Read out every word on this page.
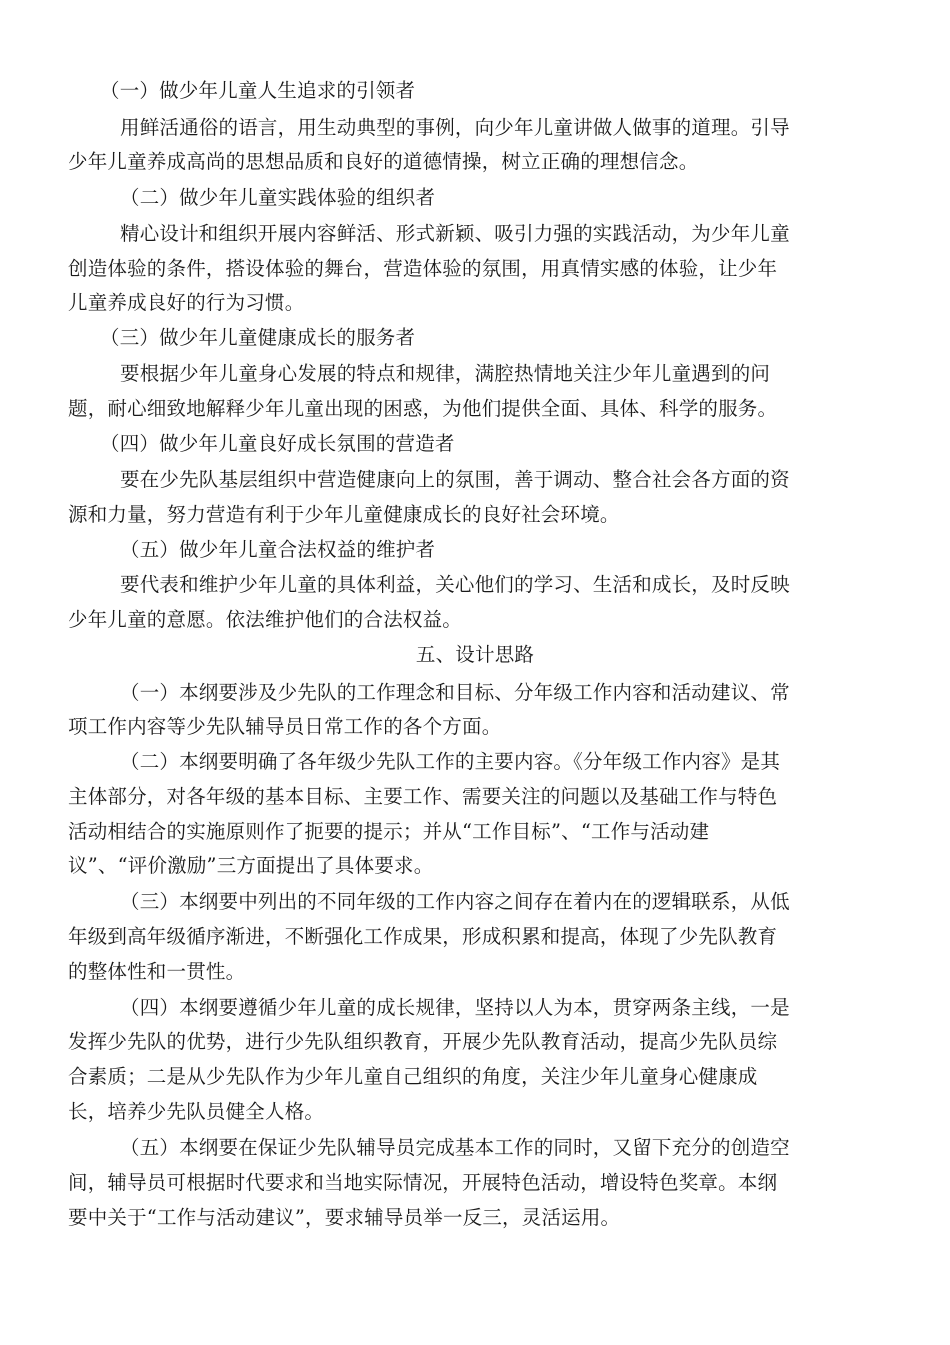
（一）做少年儿童人生追求的引领者
用鲜活通俗的语言，用生动典型的事例，向少年儿童讲做人做事的道理。引导
少年儿童养成高尚的思想品质和良好的道德情操，树立正确的理想信念。
（二）做少年儿童实践体验的组织者
精心设计和组织开展内容鲜活、形式新颖、吸引力强的实践活动，为少年儿童
创造体验的条件，搭设体验的舞台，营造体验的氛围，用真情实感的体验，让少年
儿童养成良好的行为习惯。
（三）做少年儿童健康成长的服务者
要根据少年儿童身心发展的特点和规律，满腔热情地关注少年儿童遇到的问
题，耐心细致地解释少年儿童出现的困惑，为他们提供全面、具体、科学的服务。
（四）做少年儿童良好成长氛围的营造者
要在少先队基层组织中营造健康向上的氛围，善于调动、整合社会各方面的资
源和力量，努力营造有利于少年儿童健康成长的良好社会环境。
（五）做少年儿童合法权益的维护者
要代表和维护少年儿童的具体利益，关心他们的学习、生活和成长，及时反映
少年儿童的意愿。依法维护他们的合法权益。
五、设计思路
（一）本纲要涉及少先队的工作理念和目标、分年级工作内容和活动建议、常
项工作内容等少先队辅导员日常工作的各个方面。
（二）本纲要明确了各年级少先队工作的主要内容。《分年级工作内容》是其
主体部分，对各年级的基本目标、主要工作、需要关注的问题以及基础工作与特色
活动相结合的实施原则作了扼要的提示；并从“工作目标”、“工作与活动建
议”、“评价激励”三方面提出了具体要求。
（三）本纲要中列出的不同年级的工作内容之间存在着内在的逻辑联系，从低
年级到高年级循序渐进，不断强化工作成果，形成积累和提高，体现了少先队教育
的整体性和一贯性。
（四）本纲要遵循少年儿童的成长规律，坚持以人为本，贯穿两条主线，一是
发挥少先队的优势，进行少先队组织教育，开展少先队教育活动，提高少先队员综
合素质；二是从少先队作为少年儿童自己组织的角度，关注少年儿童身心健康成
长，培养少先队员健全人格。
（五）本纲要在保证少先队辅导员完成基本工作的同时，又留下充分的创造空
间，辅导员可根据时代要求和当地实际情况，开展特色活动，增设特色奖章。本纲
要中关于“工作与活动建议”，要求辅导员举一反三，灵活运用。
